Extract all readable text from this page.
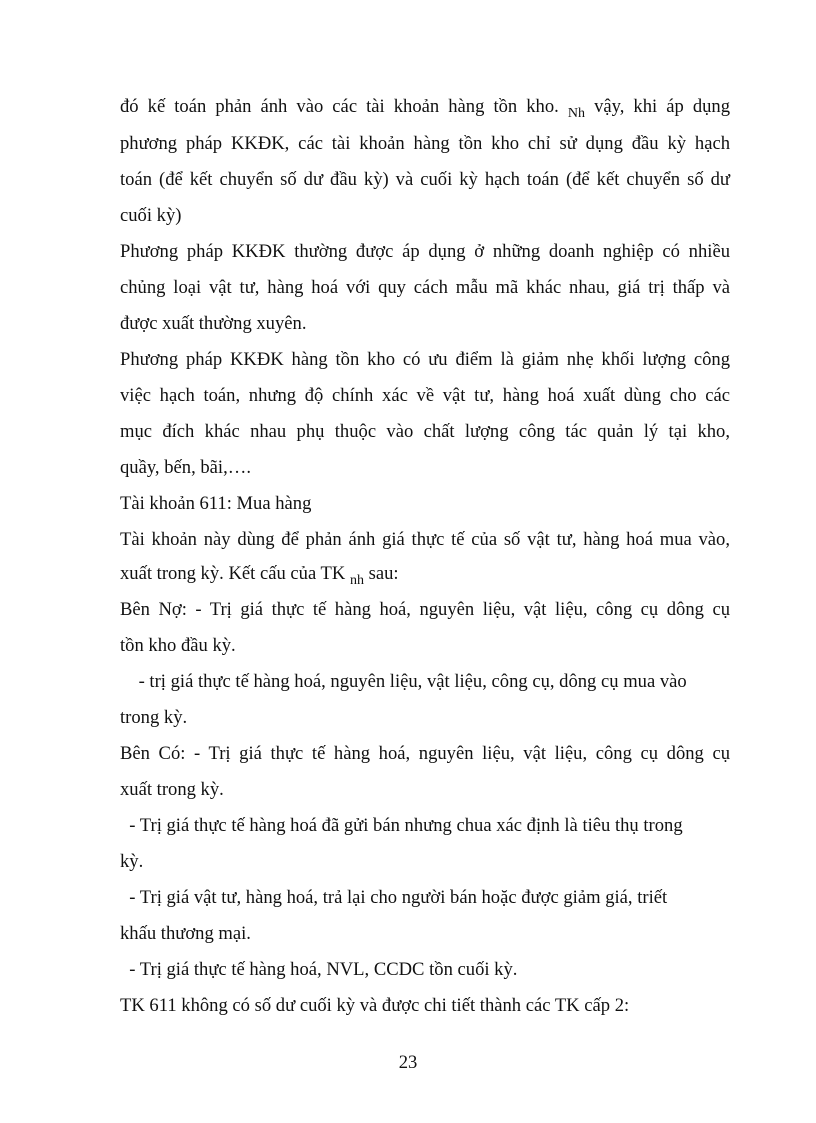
đó kế toán phản ánh vào các tài khoản hàng tồn kho. $_{Nh}$ vậy, khi áp dụng
phương pháp KKĐK, các tài khoản hàng tồn kho chỉ sử dụng đầu kỳ hạch
toán (để kết chuyển số dư đầu kỳ) và cuối kỳ hạch toán (để kết chuyển số dư
cuối kỳ)
Phương pháp KKĐK thường được áp dụng ở những doanh nghiệp có nhiều
chủng loại vật tư, hàng hoá với quy cách mẫu mã khác nhau, giá trị thấp và
được xuất thường xuyên.
Phương pháp KKĐK hàng tồn kho có ưu điểm là giảm nhẹ khối lượng công
việc hạch toán, nhưng độ chính xác về vật tư, hàng hoá xuất dùng cho các
mục đích khác nhau phụ thuộc vào chất lượng công tác quản lý tại kho,
quầy, bến, bãi,….
Tài khoản 611: Mua hàng
Tài khoản này dùng để phản ánh giá thực tế của số vật tư, hàng hoá mua vào,
xuất trong kỳ. Kết cấu của TK $_{nh}$ sau:
Bên Nợ: - Trị giá thực tế hàng hoá, nguyên liệu, vật liệu, công cụ dông cụ
tồn kho đầu kỳ.
- trị giá thực tế hàng hoá, nguyên liệu, vật liệu, công cụ, dông cụ mua vào
trong kỳ.
Bên Có: - Trị giá thực tế hàng hoá, nguyên liệu, vật liệu, công cụ dông cụ
xuất trong kỳ.
- Trị giá thực tế hàng hoá đã gửi bán nhưng chua xác định là tiêu thụ trong
kỳ.
- Trị giá vật tư, hàng hoá, trả lại cho người bán hoặc được giảm giá, triết
khấu thương mại.
- Trị giá thực tế hàng hoá, NVL, CCDC tồn cuối kỳ.
TK 611 không có số dư cuối kỳ và được chi tiết thành các TK cấp 2:
23
